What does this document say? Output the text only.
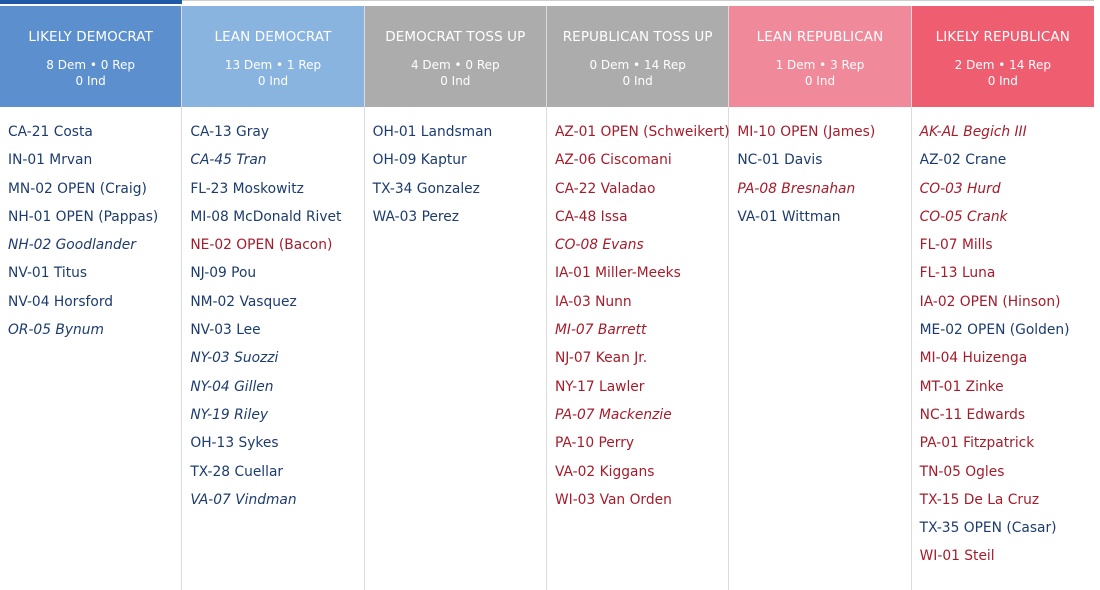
LIKELY DEMOCRAT
8 Dem • 0 Rep
0 Ind
CA-21 Costa
IN-01 Mrvan
MN-02 OPEN (Craig)
NH-01 OPEN (Pappas)
NH-02 Goodlander
NV-01 Titus
NV-04 Horsford
OR-05 Bynum
LEAN DEMOCRAT
13 Dem • 1 Rep
0 Ind
CA-13 Gray
CA-45 Tran
FL-23 Moskowitz
MI-08 McDonald Rivet
NE-02 OPEN (Bacon)
NJ-09 Pou
NM-02 Vasquez
NV-03 Lee
NY-03 Suozzi
NY-04 Gillen
NY-19 Riley
OH-13 Sykes
TX-28 Cuellar
VA-07 Vindman
DEMOCRAT TOSS UP
4 Dem • 0 Rep
0 Ind
OH-01 Landsman
OH-09 Kaptur
TX-34 Gonzalez
WA-03 Perez
REPUBLICAN TOSS UP
0 Dem • 14 Rep
0 Ind
AZ-01 OPEN (Schweikert)
AZ-06 Ciscomani
CA-22 Valadao
CA-48 Issa
CO-08 Evans
IA-01 Miller-Meeks
IA-03 Nunn
MI-07 Barrett
NJ-07 Kean Jr.
NY-17 Lawler
PA-07 Mackenzie
PA-10 Perry
VA-02 Kiggans
WI-03 Van Orden
LEAN REPUBLICAN
1 Dem • 3 Rep
0 Ind
MI-10 OPEN (James)
NC-01 Davis
PA-08 Bresnahan
VA-01 Wittman
LIKELY REPUBLICAN
2 Dem • 14 Rep
0 Ind
AK-AL Begich III
AZ-02 Crane
CO-03 Hurd
CO-05 Crank
FL-07 Mills
FL-13 Luna
IA-02 OPEN (Hinson)
ME-02 OPEN (Golden)
MI-04 Huizenga
MT-01 Zinke
NC-11 Edwards
PA-01 Fitzpatrick
TN-05 Ogles
TX-15 De La Cruz
TX-35 OPEN (Casar)
WI-01 Steil
